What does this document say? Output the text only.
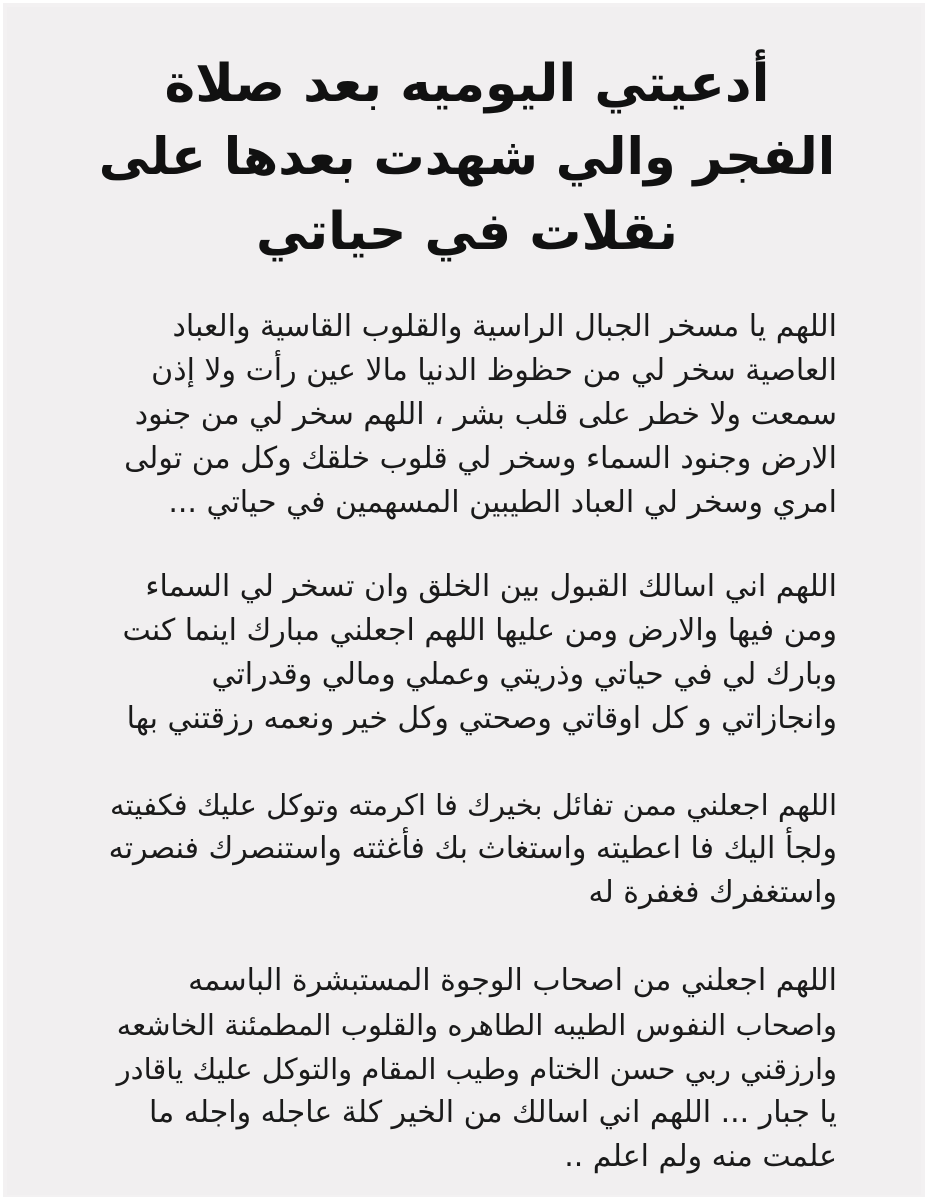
أدعيتي اليوميه بعد صلاة
الفجر والي شهدت بعدها على
نقلات في حياتي

اللهم يا مسخر الجبال الراسية والقلوب القاسية والعباد
العاصية سخر لي من حظوظ الدنيا مالا عين رأت ولا إذن
سمعت ولا خطر على قلب بشر ، اللهم سخر لي من جنود
الارض وجنود السماء وسخر لي قلوب خلقك وكل من تولى
امري وسخر لي العباد الطيبين المسهمين في حياتي ...

اللهم اني اسالك القبول بين الخلق وان تسخر لي السماء
ومن فيها والارض ومن عليها اللهم اجعلني مبارك اينما كنت
وبارك لي في حياتي وذريتي وعملي ومالي وقدراتي
وانجازاتي و كل اوقاتي وصحتي وكل خير ونعمه رزقتني بها

اللهم اجعلني ممن تفائل بخيرك فا اكرمته وتوكل عليك فكفيته
ولجأ اليك فا اعطيته واستغاث بك فأغثته واستنصرك فنصرته
واستغفرك فغفرة له

اللهم اجعلني من اصحاب الوجوة المستبشرة الباسمه
واصحاب النفوس الطيبه الطاهره والقلوب المطمئنة الخاشعه
وارزقني ربي حسن الختام وطيب المقام والتوكل عليك ياقادر
يا جبار ... اللهم اني اسالك من الخير كلة عاجله واجله ما
علمت منه ولم اعلم ..
